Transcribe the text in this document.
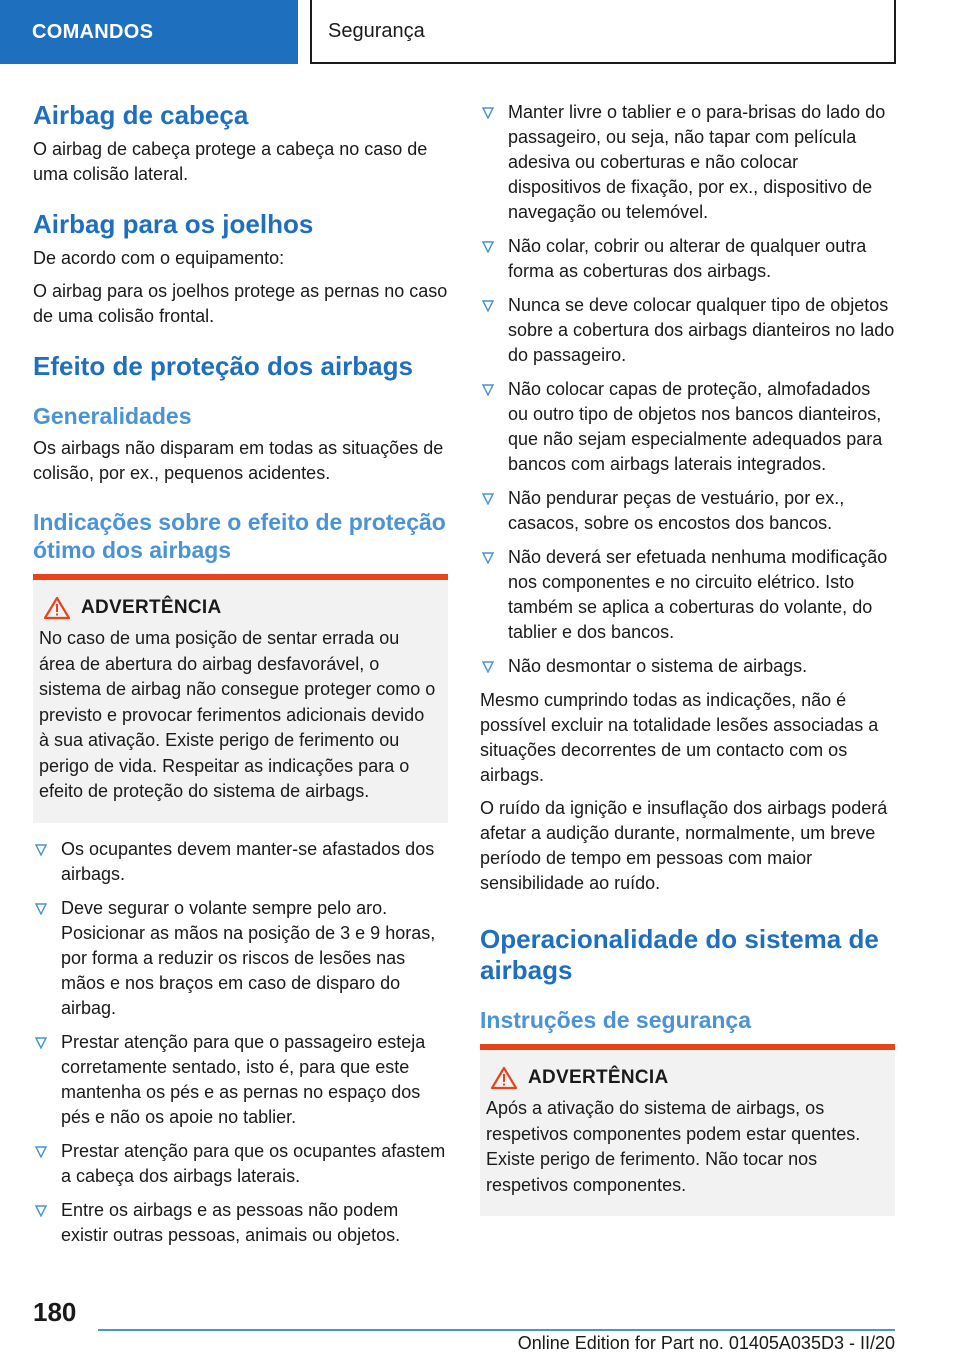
COMANDOS	Segurança
Airbag de cabeça

O airbag de cabeça protege a cabeça no caso de uma colisão lateral.

Airbag para os joelhos

De acordo com o equipamento:

O airbag para os joelhos protege as pernas no caso de uma colisão frontal.

Efeito de proteção dos airbags
Generalidades

Os airbags não disparam em todas as situações de colisão, por ex., pequenos acidentes.

Indicações sobre o efeito de proteção ótimo dos airbags
ADVERTÊNCIA

No caso de uma posição de sentar errada ou área de abertura do airbag desfavorável, o sistema de airbag não consegue proteger como o previsto e provocar ferimentos adicionais devido à sua ativação. Existe perigo de ferimento ou perigo de vida. Respeitar as indicações para o efeito de proteção do sistema de airbags.

Os ocupantes devem manter-se afastados dos airbags.
Deve segurar o volante sempre pelo aro. Posicionar as mãos na posição de 3 e 9 horas, por forma a reduzir os riscos de lesões nas mãos e nos braços em caso de disparo do airbag.
Prestar atenção para que o passageiro esteja corretamente sentado, isto é, para que este mantenha os pés e as pernas no espaço dos pés e não os apoie no tablier.
Prestar atenção para que os ocupantes afastem a cabeça dos airbags laterais.
Entre os airbags e as pessoas não podem existir outras pessoas, animais ou objetos.
Manter livre o tablier e o para-brisas do lado do passageiro, ou seja, não tapar com película adesiva ou coberturas e não colocar dispositivos de fixação, por ex., dispositivo de navegação ou telemóvel.
Não colar, cobrir ou alterar de qualquer outra forma as coberturas dos airbags.
Nunca se deve colocar qualquer tipo de objetos sobre a cobertura dos airbags dianteiros no lado do passageiro.
Não colocar capas de proteção, almofadados ou outro tipo de objetos nos bancos dianteiros, que não sejam especialmente adequados para bancos com airbags laterais integrados.
Não pendurar peças de vestuário, por ex., casacos, sobre os encostos dos bancos.
Não deverá ser efetuada nenhuma modificação nos componentes e no circuito elétrico. Isto também se aplica a coberturas do volante, do tablier e dos bancos.
Não desmontar o sistema de airbags.

Mesmo cumprindo todas as indicações, não é possível excluir na totalidade lesões associadas a situações decorrentes de um contacto com os airbags.

O ruído da ignição e insuflação dos airbags poderá afetar a audição durante, normalmente, um breve período de tempo em pessoas com maior sensibilidade ao ruído.

Operacionalidade do sistema de airbags
Instruções de segurança
ADVERTÊNCIA

Após a ativação do sistema de airbags, os respetivos componentes podem estar quentes. Existe perigo de ferimento. Não tocar nos respetivos componentes.

180
Online Edition for Part no. 01405A035D3 - II/20
